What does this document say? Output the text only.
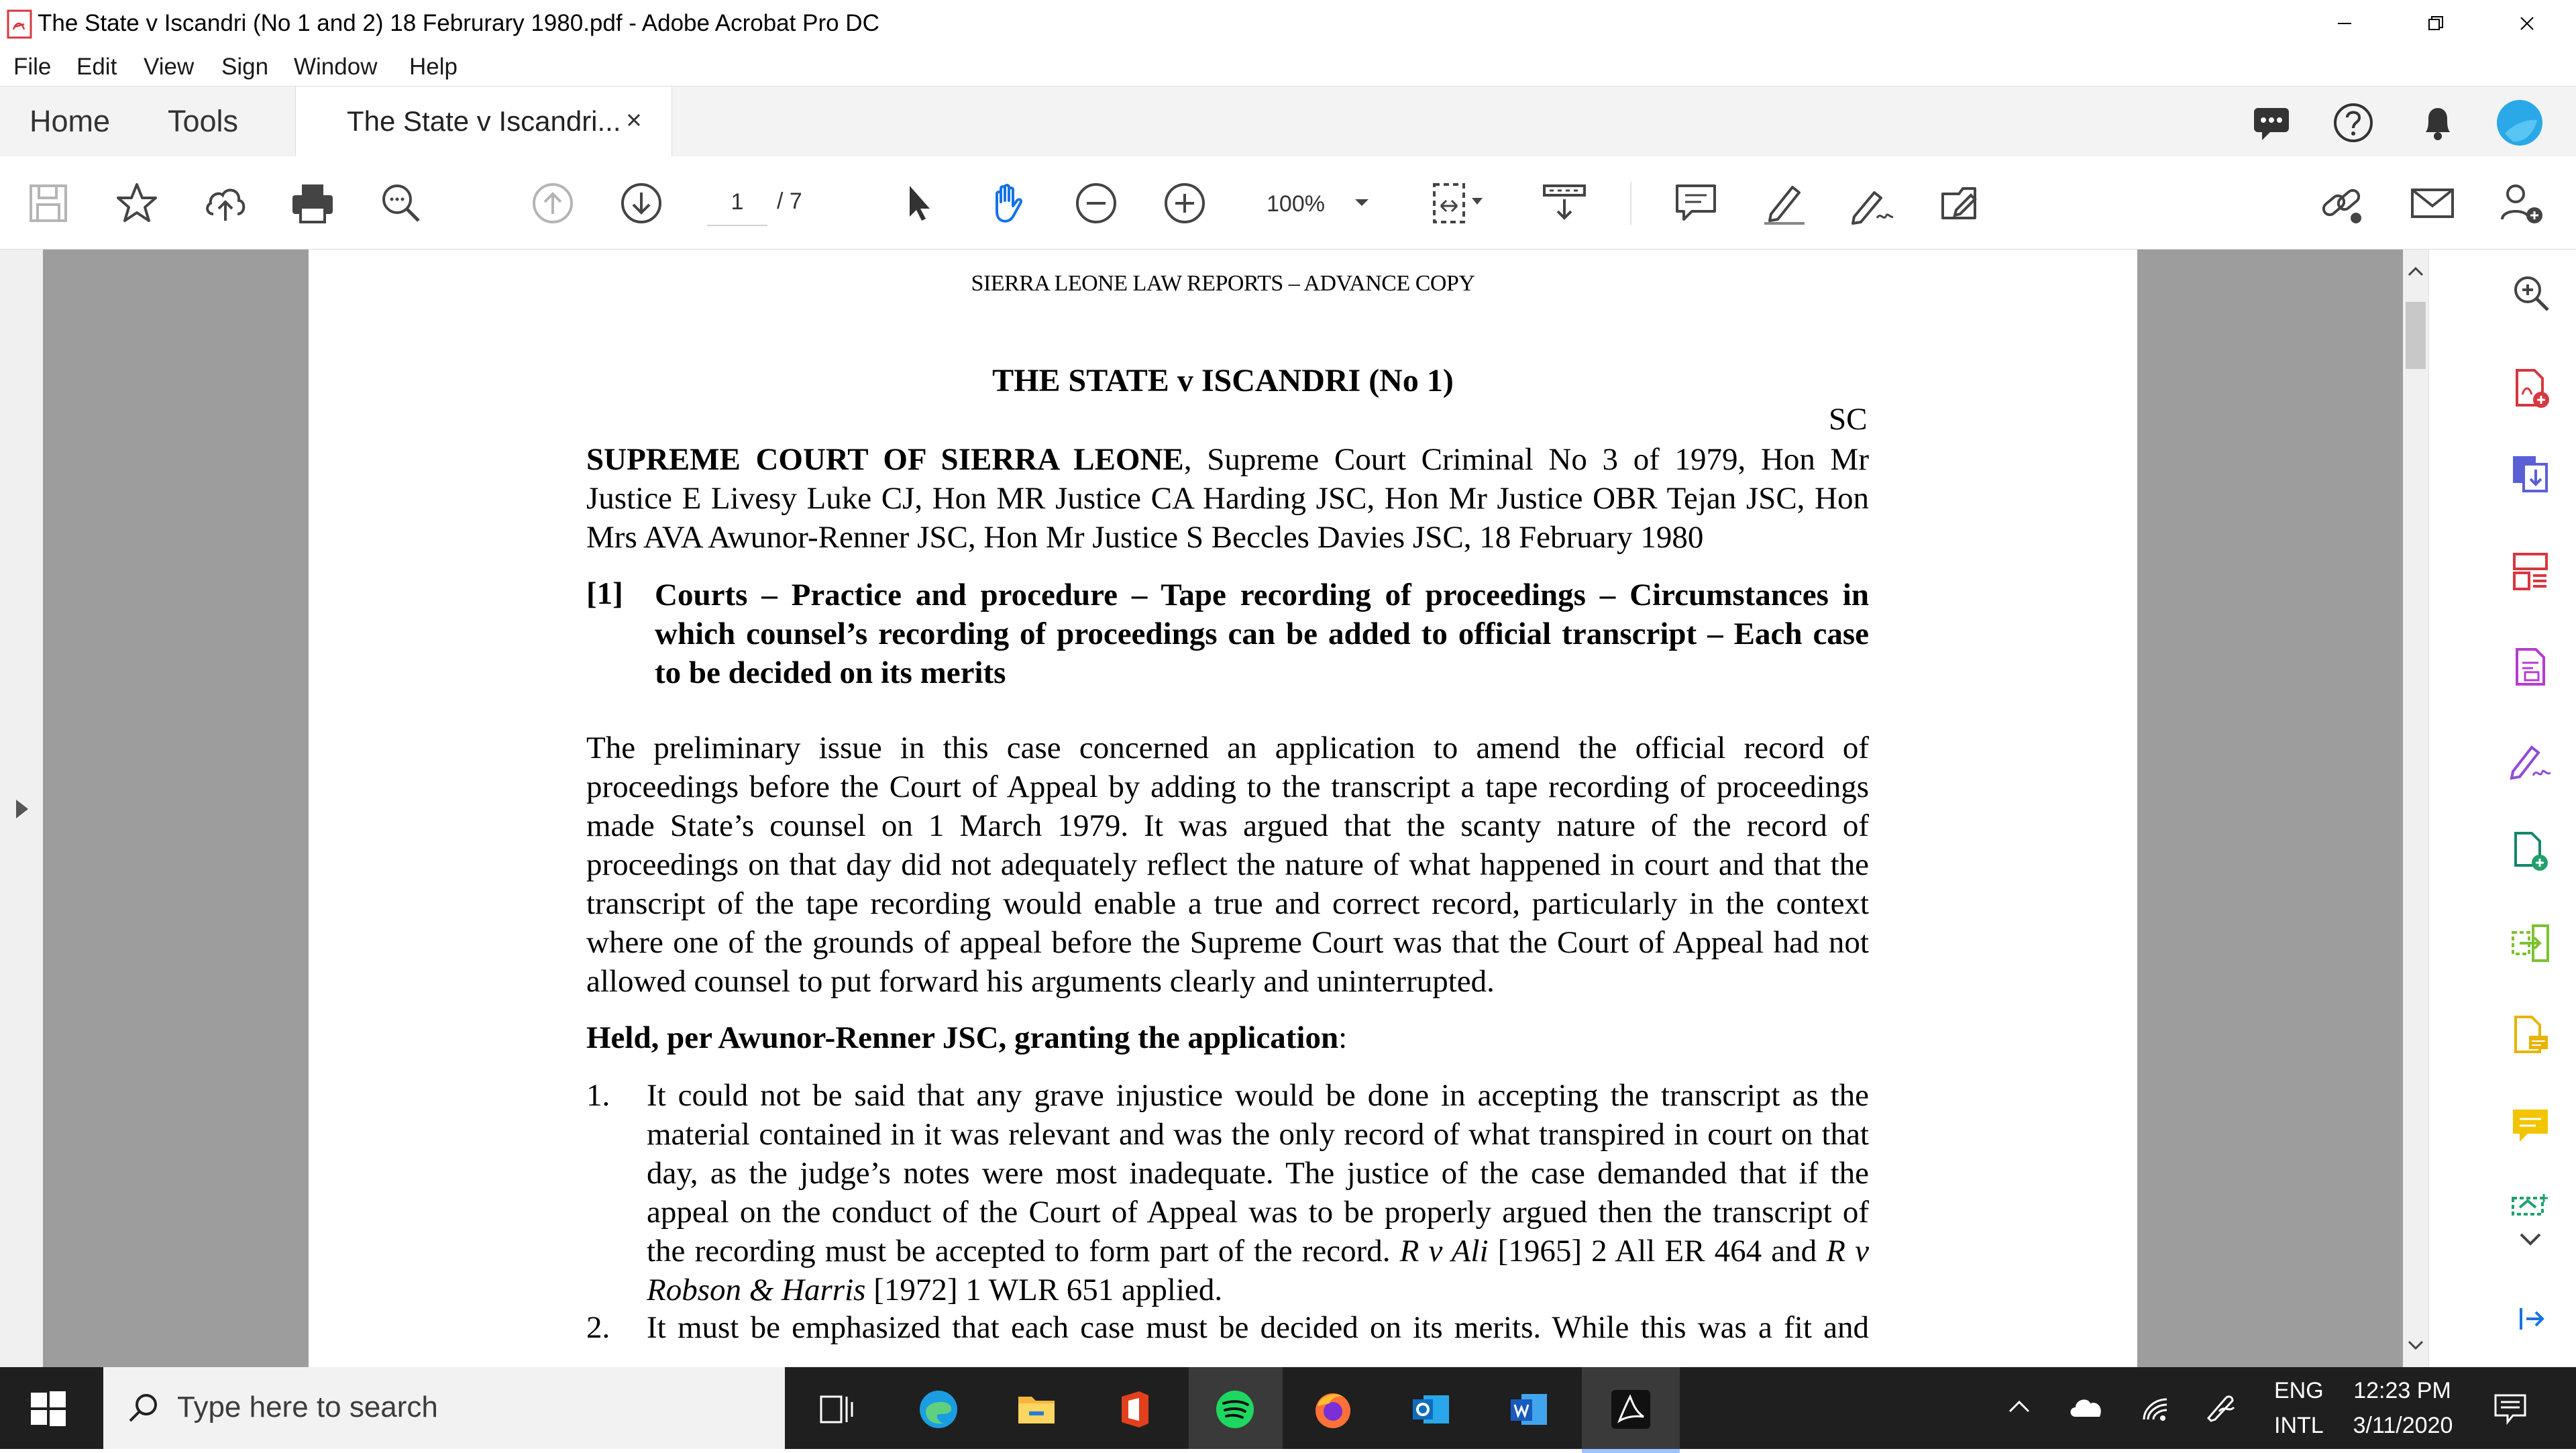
The State v Iscandri (No 1 and 2) 18 Februrary 1980.pdf - Adobe Acrobat Pro DC
File Edit View Sign Window Help
Home Tools	The State v Iscandri...
1
/ 7	100%
SIERRA LEONE LAW REPORTS – ADVANCE COPY
THE STATE v ISCANDRI (No 1)
SC
SUPREME COURT OF SIERRA LEONE, Supreme Court Criminal No 3 of 1979, Hon Mr
Justice E Livesy Luke CJ, Hon MR Justice CA Harding JSC, Hon Mr Justice OBR Tejan JSC, Hon
Mrs AVA Awunor-Renner JSC, Hon Mr Justice S Beccles Davies JSC, 18 February 1980
[1] Courts – Practice and procedure – Tape recording of proceedings – Circumstances in
which counsel’s recording of proceedings can be added to official transcript – Each case
to be decided on its merits
The preliminary issue in this case concerned an application to amend the official record of
proceedings before the Court of Appeal by adding to the transcript a tape recording of proceedings
made State’s counsel on 1 March 1979. It was argued that the scanty nature of the record of
proceedings on that day did not adequately reflect the nature of what happened in court and that the
transcript of the tape recording would enable a true and correct record, particularly in the context
where one of the grounds of appeal before the Supreme Court was that the Court of Appeal had not
allowed counsel to put forward his arguments clearly and uninterrupted.
Held, per Awunor-Renner JSC, granting the application:
1. It could not be said that any grave injustice would be done in accepting the transcript as the
material contained in it was relevant and was the only record of what transpired in court on that
day, as the judge’s notes were most inadequate. The justice of the case demanded that if the
appeal on the conduct of the Court of Appeal was to be properly argued then the transcript of
the recording must be accepted to form part of the record. R v Ali [1965] 2 All ER 464 and R v
Robson & Harris [1972] 1 WLR 651 applied.
2. It must be emphasized that each case must be decided on its merits. While this was a fit and
Type here to search	ENG
INTL
12:23 PM
3/11/2020
